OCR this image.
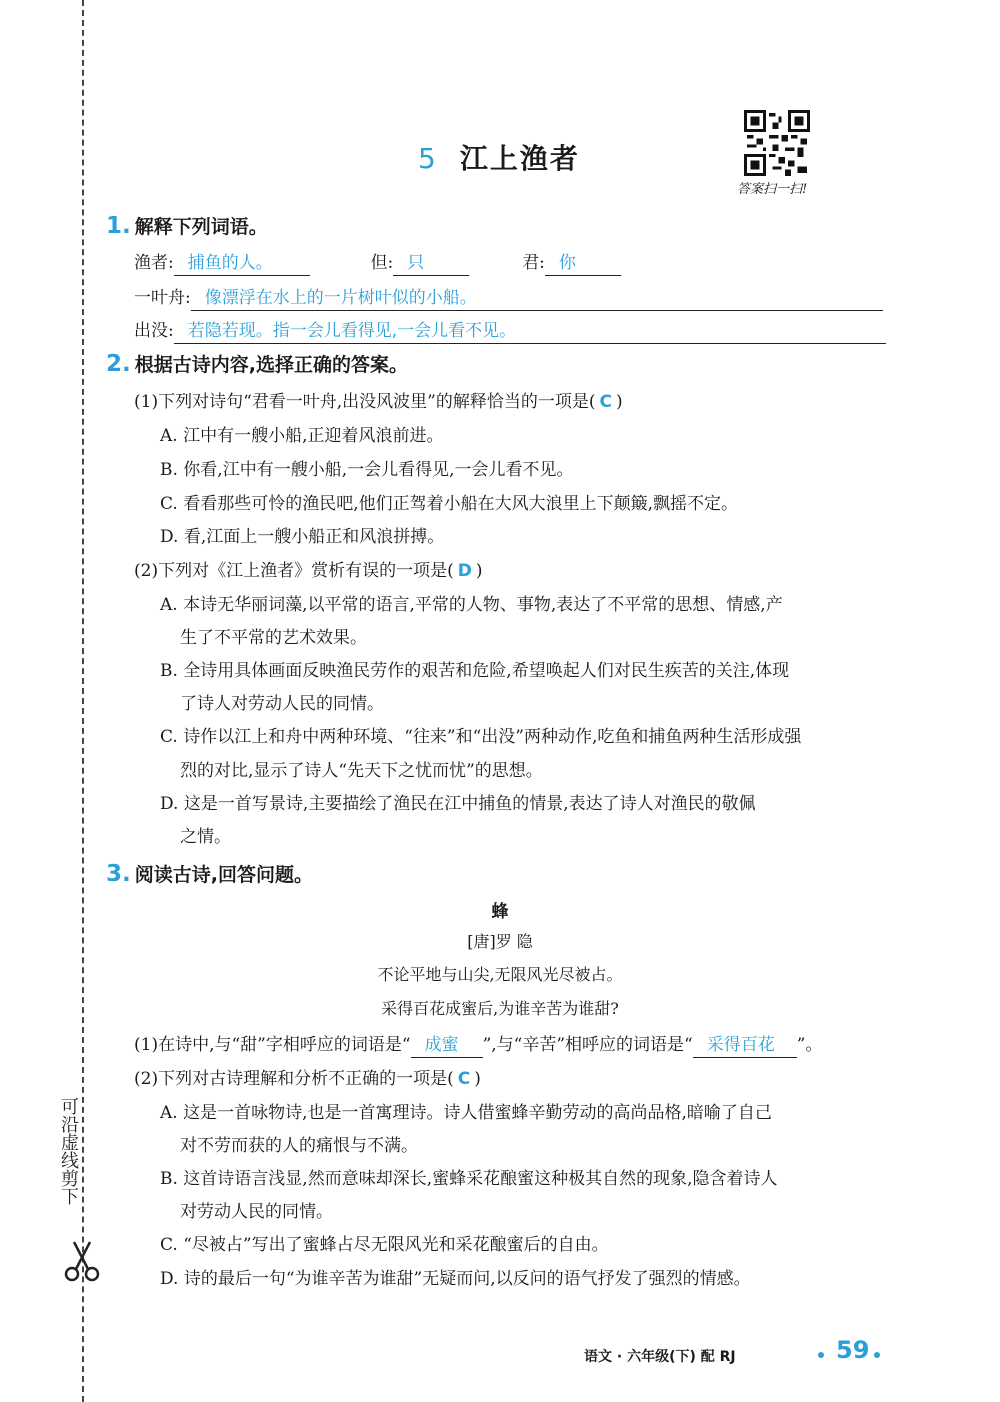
可沿虚线剪下
5 江上渔者
答案扫一扫!
1. 解释下列词语。
渔者: 捕鱼的人。	但: 只	君: 你
一叶舟: 像漂浮在水上的一片树叶似的小船。
出没: 若隐若现。指一会儿看得见,一会儿看不见。
2. 根据古诗内容,选择正确的答案。
(1)下列对诗句“君看一叶舟,出没风波里”的解释恰当的一项是( C )
A. 江中有一艘小船,正迎着风浪前进。
B. 你看,江中有一艘小船,一会儿看得见,一会儿看不见。
C. 看看那些可怜的渔民吧,他们正驾着小船在大风大浪里上下颠簸,飘摇不定。
D. 看,江面上一艘小船正和风浪拼搏。
(2)下列对《江上渔者》赏析有误的一项是( D )
A. 本诗无华丽词藻,以平常的语言,平常的人物、事物,表达了不平常的思想、情感,产
生了不平常的艺术效果。
B. 全诗用具体画面反映渔民劳作的艰苦和危险,希望唤起人们对民生疾苦的关注,体现
了诗人对劳动人民的同情。
C. 诗作以江上和舟中两种环境、“往来”和“出没”两种动作,吃鱼和捕鱼两种生活形成强
烈的对比,显示了诗人“先天下之忧而忧”的思想。
D. 这是一首写景诗,主要描绘了渔民在江中捕鱼的情景,表达了诗人对渔民的敬佩
之情。
3. 阅读古诗,回答问题。
蜂
[唐]罗 隐
不论平地与山尖,无限风光尽被占。
采得百花成蜜后,为谁辛苦为谁甜?
(1)在诗中,与“甜”字相呼应的词语是“ 成蜜 ”,与“辛苦”相呼应的词语是“ 采得百花 ”。
(2)下列对古诗理解和分析不正确的一项是( C )
A. 这是一首咏物诗,也是一首寓理诗。诗人借蜜蜂辛勤劳动的高尚品格,暗喻了自己
对不劳而获的人的痛恨与不满。
B. 这首诗语言浅显,然而意味却深长,蜜蜂采花酿蜜这种极其自然的现象,隐含着诗人
对劳动人民的同情。
C. “尽被占”写出了蜜蜂占尽无限风光和采花酿蜜后的自由。
D. 诗的最后一句“为谁辛苦为谁甜”无疑而问,以反问的语气抒发了强烈的情感。
语文 · 六年级(下) 配 RJ	59
